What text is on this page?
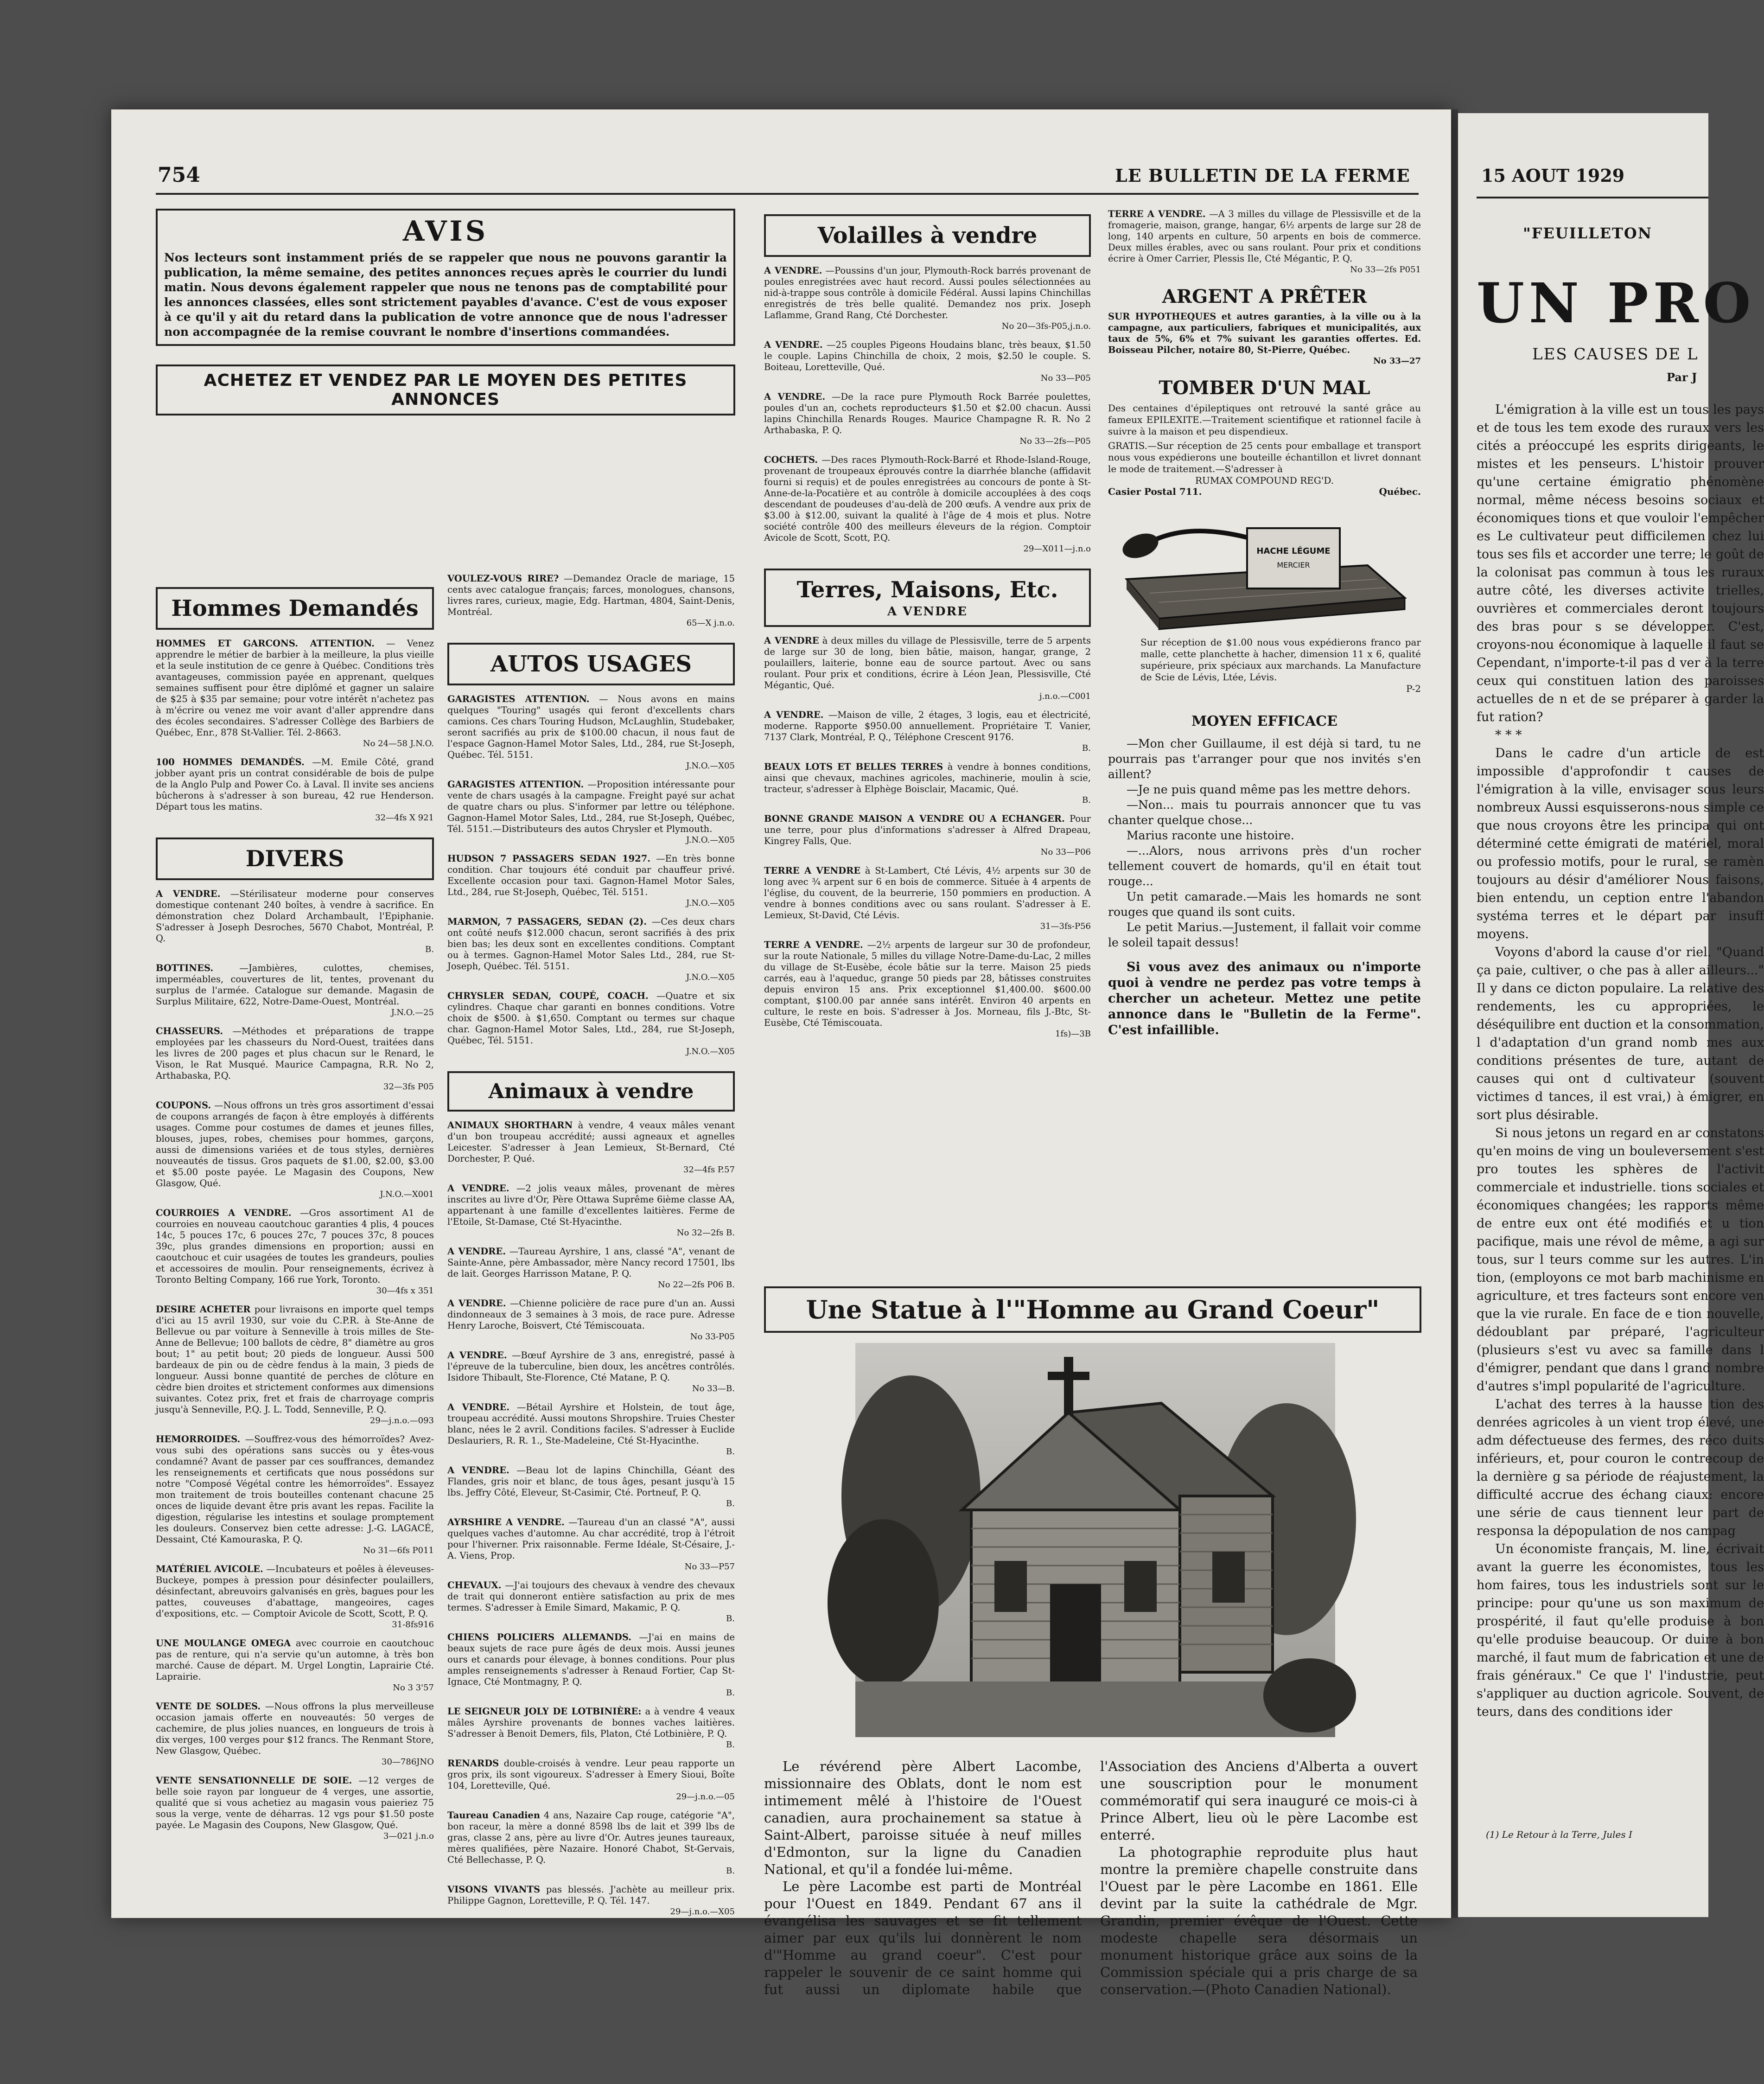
754	LE BULLETIN DE LA FERME
AVIS
Nos lecteurs sont instamment priés de se rappeler que nous ne pouvons garantir la publication, la même semaine, des petites annonces reçues après le courrier du lundi matin. Nous devons également rappeler que nous ne tenons pas de comptabilité pour les annonces classées, elles sont strictement payables d'avance. C'est de vous exposer à ce qu'il y ait du retard dans la publication de votre annonce que de nous l'adresser non accompagnée de la remise couvrant le nombre d'insertions commandées.
ACHETEZ ET VENDEZ PAR LE MOYEN DES PETITES ANNONCES
Hommes Demandés
HOMMES ET GARCONS. ATTENTION. — Venez apprendre le métier de barbier à la meilleure, la plus vieille et la seule institution de ce genre à Québec. Conditions très avantageuses, commission payée en apprenant, quelques semaines suffisent pour être diplômé et gagner un salaire de $25 à $35 par semaine; pour votre intérêt n'achetez pas à m'écrire ou venez me voir avant d'aller apprendre dans des écoles secondaires. S'adresser Collège des Barbiers de Québec, Enr., 878 St-Vallier. Tél. 2-8663.
No 24—58 J.N.O.
100 HOMMES DEMANDÉS. —M. Emile Côté, grand jobber ayant pris un contrat considérable de bois de pulpe de la Anglo Pulp and Power Co. à Laval. Il invite ses anciens bûcherons à s'adresser à son bureau, 42 rue Henderson. Départ tous les matins.
32—4fs X 921
DIVERS
A VENDRE. —Stérilisateur moderne pour conserves domestique contenant 240 boîtes, à vendre à sacrifice. En démonstration chez Dolard Archambault, l'Epiphanie. S'adresser à Joseph Desroches, 5670 Chabot, Montréal, P. Q.
B.
BOTTINES.	—Jambières, culottes, chemises, imperméables, couvertures de lit, tentes, provenant du surplus de l'armée. Catalogue sur demande. Magasin de Surplus Militaire, 622, Notre-Dame-Ouest, Montréal.
J.N.O.—25
CHASSEURS. —Méthodes et préparations de trappe employées par les chasseurs du Nord-Ouest, traitées dans les livres de 200 pages et plus chacun sur le Renard, le Vison, le Rat Musqué. Maurice Campagna, R.R. No 2, Arthabaska, P.Q.
32—3fs P05
COUPONS. —Nous offrons un très gros assortiment d'essai de coupons arrangés de façon à être employés à différents usages. Comme pour costumes de dames et jeunes filles, blouses, jupes, robes, chemises pour hommes, garçons, aussi de dimensions variées et de tous styles, dernières nouveautés de tissus. Gros paquets de $1.00, $2.00, $3.00 et $5.00 poste payée. Le Magasin des Coupons, New Glasgow, Qué.
J.N.O.—X001
COURROIES A VENDRE. —Gros assortiment A1 de courroies en nouveau caoutchouc garanties 4 plis, 4 pouces 14c, 5 pouces 17c, 6 pouces 27c, 7 pouces 37c, 8 pouces 39c, plus grandes dimensions en proportion; aussi en caoutchouc et cuir usagées de toutes les grandeurs, poulies et accessoires de moulin. Pour renseignements, écrivez à Toronto Belting Company, 166 rue York, Toronto.
30—4fs x 351
DESIRE ACHETER pour livraisons en importe quel temps d'ici au 15 avril 1930, sur voie du C.P.R. à Ste-Anne de Bellevue ou par voiture à Senneville à trois milles de Ste-Anne de Bellevue; 100 ballots de cèdre, 8" diamètre au gros bout; 1" au petit bout; 20 pieds de longueur. Aussi 500 bardeaux de pin ou de cèdre fendus à la main, 3 pieds de longueur. Aussi bonne quantité de perches de clôture en cèdre bien droites et strictement conformes aux dimensions suivantes. Cotez prix, fret et frais de charroyage compris jusqu'à Senneville, P.Q. J. L. Todd, Senneville, P. Q.
29—j.n.o.—093
HEMORROIDES. —Souffrez-vous des hémorroïdes? Avez-vous subi des opérations sans succès ou y êtes-vous condamné? Avant de passer par ces souffrances, demandez les renseignements et certificats que nous possédons sur notre "Composé Végétal contre les hémorroïdes". Essayez mon traitement de trois bouteilles contenant chacune 25 onces de liquide devant être pris avant les repas. Facilite la digestion, régularise les intestins et soulage promptement les douleurs. Conservez bien cette adresse: J.-G. LAGACÉ, Dessaint, Cté Kamouraska, P. Q.
No 31—6fs P011
MATÉRIEL AVICOLE. —Incubateurs et poêles à éleveuses-Buckeye, pompes à pression pour désinfecter poulaillers, désinfectant, abreuvoirs galvanisés en grès, bagues pour les pattes, couveuses d'abattage, mangeoires, cages d'expositions, etc. — Comptoir Avicole de Scott, Scott, P. Q.
31-8fs916
UNE MOULANGE OMEGA avec courroie en caoutchouc pas de renture, qui n'a servie qu'un automne, à très bon marché. Cause de départ. M. Urgel Longtin, Laprairie Cté. Laprairie.
No 3 3'57
VENTE DE SOLDES. —Nous offrons la plus merveilleuse occasion jamais offerte en nouveautés: 50 verges de cachemire, de plus jolies nuances, en longueurs de trois à dix verges, 100 verges pour $12 francs. The Renmant Store, New Glasgow, Québec.
30—786JNO
VENTE SENSATIONNELLE DE SOIE. —12 verges de belle soie rayon par longueur de 4 verges, une assortie, qualité que si vous achetiez au magasin vous paieriez 75 sous la verge, vente de déharras. 12 vgs pour $1.50 poste payée. Le Magasin des Coupons, New Glasgow, Qué.
3—021 j.n.o
VOULEZ-VOUS RIRE? —Demandez Oracle de mariage, 15 cents avec catalogue français; farces, monologues, chansons, livres rares, curieux, magie, Edg. Hartman, 4804, Saint-Denis, Montréal.
65—X j.n.o.
AUTOS USAGES
GARAGISTES ATTENTION. — Nous avons en mains quelques "Touring" usagés qui feront d'excellents chars camions. Ces chars Touring Hudson, McLaughlin, Studebaker, seront sacrifiés au prix de $100.00 chacun, il nous faut de l'espace Gagnon-Hamel Motor Sales, Ltd., 284, rue St-Joseph, Québec. Tél. 5151.
J.N.O.—X05
GARAGISTES ATTENTION. —Proposition intéressante pour vente de chars usagés à la campagne. Freight payé sur achat de quatre chars ou plus. S'informer par lettre ou téléphone. Gagnon-Hamel Motor Sales, Ltd., 284, rue St-Joseph, Québec, Tél. 5151.—Distributeurs des autos Chrysler et Plymouth.
J.N.O.—X05
HUDSON 7 PASSAGERS SEDAN 1927. —En très bonne condition. Char toujours été conduit par chauffeur privé. Excellente occasion pour taxi. Gagnon-Hamel Motor Sales, Ltd., 284, rue St-Joseph, Québec, Tél. 5151.
J.N.O.—X05
MARMON, 7 PASSAGERS, SEDAN (2). —Ces deux chars ont coûté neufs $12.000 chacun, seront sacrifiés à des prix bien bas; les deux sont en excellentes conditions. Comptant ou à termes. Gagnon-Hamel Motor Sales Ltd., 284, rue St-Joseph, Québec. Tél. 5151.
J.N.O.—X05
CHRYSLER SEDAN, COUPÉ, COACH. —Quatre et six cylindres. Chaque char garanti en bonnes conditions. Votre choix de $500. à $1,650. Comptant ou termes sur chaque char. Gagnon-Hamel Motor Sales, Ltd., 284, rue St-Joseph, Québec, Tél. 5151.
J.N.O.—X05
Animaux à vendre
ANIMAUX SHORTHARN à vendre, 4 veaux mâles venant d'un bon troupeau accrédité; aussi agneaux et agnelles Leicester. S'adresser à Jean Lemieux, St-Bernard, Cté Dorchester, P. Qué.
32—4fs P.57
A VENDRE. —2 jolis veaux mâles, provenant de mères inscrites au livre d'Or, Père Ottawa Suprême 6ième classe AA, appartenant à une famille d'excellentes laitières. Ferme de l'Etoile, St-Damase, Cté St-Hyacinthe.
No 32—2fs B.
A VENDRE. —Taureau Ayrshire, 1 ans, classé "A", venant de Sainte-Anne, père Ambassador, mère Nancy record 17501, lbs de lait. Georges Harrisson Matane, P. Q.
No 22—2fs P06 B.
A VENDRE. —Chienne policière de race pure d'un an. Aussi dindonneaux de 3 semaines à 3 mois, de race pure. Adresse Henry Laroche, Boisvert, Cté Témiscouata.
No 33-P05
A VENDRE. —Bœuf Ayrshire de 3 ans, enregistré, passé à l'épreuve de la tuberculine, bien doux, les ancêtres contrôlés. Isidore Thibault, Ste-Florence, Cté Matane, P. Q.
No 33—B.
A VENDRE. —Bétail Ayrshire et Holstein, de tout âge, troupeau accrédité. Aussi moutons Shropshire. Truies Chester blanc, nées le 2 avril. Conditions faciles. S'adresser à Euclide Deslauriers, R. R. 1., Ste-Madeleine, Cté St-Hyacinthe.
B.
A VENDRE. —Beau lot de lapins Chinchilla, Géant des Flandes, gris noir et blanc, de tous âges, pesant jusqu'à 15 lbs. Jeffry Côté, Eleveur, St-Casimir, Cté. Portneuf, P. Q.
B.
AYRSHIRE A VENDRE. —Taureau d'un an classé "A", aussi quelques vaches d'automne. Au char accrédité, trop à l'étroit pour l'hiverner. Prix raisonnable. Ferme Idéale, St-Césaire, J.-A. Viens, Prop.
No 33—P57
CHEVAUX. —J'ai toujours des chevaux à vendre des chevaux de trait qui donneront entière satisfaction au prix de mes termes. S'adresser à Emile Simard, Makamic, P. Q.
B.
CHIENS POLICIERS ALLEMANDS. —J'ai en mains de beaux sujets de race pure âgés de deux mois. Aussi jeunes ours et canards pour élevage, à bonnes conditions. Pour plus amples renseignements s'adresser à Renaud Fortier, Cap St-Ignace, Cté Montmagny, P. Q.
B.
LE SEIGNEUR JOLY DE LOTBINIÈRE: a à vendre 4 veaux mâles Ayrshire provenants de bonnes vaches laitières. S'adresser à Benoit Demers, fils, Platon, Cté Lotbinière, P. Q.
B.
RENARDS double-croisés à vendre. Leur peau rapporte un gros prix, ils sont vigoureux. S'adresser à Emery Sioui, Boîte 104, Loretteville, Qué.
29—j.n.o.—05
Taureau Canadien 4 ans, Nazaire Cap rouge, catégorie "A", bon raceur, la mère a donné 8598 lbs de lait et 399 lbs de gras, classe 2 ans, père au livre d'Or. Autres jeunes taureaux, mères qualifiées, père Nazaire. Honoré Chabot, St-Gervais, Cté Bellechasse, P. Q.
B.
VISONS VIVANTS pas blessés. J'achète au meilleur prix. Philippe Gagnon, Loretteville, P. Q. Tél. 147.
29—j.n.o.—X05
Volailles à vendre
A VENDRE. —Poussins d'un jour, Plymouth-Rock barrés provenant de poules enregistrées avec haut record. Aussi poules sélectionnées au nid-à-trappe sous contrôle à domicile Fédéral. Aussi lapins Chinchillas enregistrés de très belle qualité. Demandez nos prix. Joseph Laflamme, Grand Rang, Cté Dorchester.
No 20—3fs-P05,j.n.o.
A VENDRE. —25 couples Pigeons Houdains blanc, très beaux, $1.50 le couple. Lapins Chinchilla de choix, 2 mois, $2.50 le couple. S. Boiteau, Loretteville, Qué.
No 33—P05
A VENDRE. —De la race pure Plymouth Rock Barrée poulettes, poules d'un an, cochets reproducteurs $1.50 et $2.00 chacun. Aussi lapins Chinchilla Renards Rouges. Maurice Champagne R. R. No 2 Arthabaska, P. Q.
No 33—2fs—P05
COCHETS. —Des races Plymouth-Rock-Barré et Rhode-Island-Rouge, provenant de troupeaux éprouvés contre la diarrhée blanche (affidavit fourni si requis) et de poules enregistrées au concours de ponte à St-Anne-de-la-Pocatière et au contrôle à domicile accouplées à des coqs descendant de poudeuses d'au-delà de 200 œufs. A vendre aux prix de $3.00 à $12.00, suivant la qualité à l'âge de 4 mois et plus. Notre société contrôle 400 des meilleurs éleveurs de la région. Comptoir Avicole de Scott, Scott, P.Q.
29—X011—j.n.o
Terres, Maisons, Etc.
A VENDRE
A VENDRE à deux milles du village de Plessisville, terre de 5 arpents de large sur 30 de long, bien bâtie, maison, hangar, grange, 2 poulaillers, laiterie, bonne eau de source partout. Avec ou sans roulant. Pour prix et conditions, écrire à Léon Jean, Plessisville, Cté Mégantic, Qué.
j.n.o.—C001
A VENDRE. —Maison de ville, 2 étages, 3 logis, eau et électricité, moderne. Rapporte $950.00 annuellement. Propriétaire T. Vanier, 7137 Clark, Montréal, P. Q., Téléphone Crescent 9176.
B.
BEAUX LOTS ET BELLES TERRES à vendre à bonnes conditions, ainsi que chevaux, machines agricoles, machinerie, moulin à scie, tracteur, s'adresser à Elphège Boisclair, Macamic, Qué.
B.
BONNE GRANDE MAISON A VENDRE OU A ECHANGER. Pour une terre, pour plus d'informations s'adresser à Alfred Drapeau, Kingrey Falls, Que.
No 33—P06
TERRE A VENDRE à St-Lambert, Cté Lévis, 4½ arpents sur 30 de long avec ¾ arpent sur 6 en bois de commerce. Située à 4 arpents de l'église, du couvent, de la beurrerie, 150 pommiers en production. A vendre à bonnes conditions avec ou sans roulant. S'adresser à E. Lemieux, St-David, Cté Lévis.
31—3fs-P56
TERRE A VENDRE. —2½ arpents de largeur sur 30 de profondeur, sur la route Nationale, 5 milles du village Notre-Dame-du-Lac, 2 milles du village de St-Eusèbe, école bâtie sur la terre. Maison 25 pieds carrés, eau à l'aqueduc, grange 50 pieds par 28, bâtisses construites depuis environ 15 ans. Prix exceptionnel $1,400.00. $600.00 comptant, $100.00 par année sans intérêt. Environ 40 arpents en culture, le reste en bois. S'adresser à Jos. Morneau, fils J.-Btc, St-Eusèbe, Cté Témiscouata.
1fs)—3B
TERRE A VENDRE. —A 3 milles du village de Plessisville et de la fromagerie, maison, grange, hangar, 6½ arpents de large sur 28 de long, 140 arpents en culture, 50 arpents en bois de commerce. Deux milles érables, avec ou sans roulant. Pour prix et conditions écrire à Omer Carrier, Plessis Ile, Cté Mégantic, P. Q.
No 33—2fs P051
ARGENT A PRÊTER
SUR HYPOTHEQUES et autres garanties, à la ville ou à la campagne, aux particuliers, fabriques et municipalités, aux taux de 5%, 6% et 7% suivant les garanties offertes. Ed. Boisseau Pilcher, notaire 80, St-Pierre, Québec.
No 33—27
TOMBER D'UN MAL
Des centaines d'épileptiques ont retrouvé la santé grâce au fameux EPILEXITE.—Traitement scientifique et rationnel facile à suivre à la maison et peu dispendieux.
GRATIS.—Sur réception de 25 cents pour emballage et transport nous vous expédierons une bouteille échantillon et livret donnant le mode de traitement.—S'adresser à
RUMAX COMPOUND REG'D.
Casier Postal 711.	Québec.
HACHE LÉGUME
MERCIER
Sur réception de $1.00 nous vous expédierons franco par malle, cette planchette à hacher, dimension 11 x 6, qualité supérieure, prix spéciaux aux marchands. La Manufacture de Scie de Lévis, Ltée, Lévis.
P-2
MOYEN EFFICACE

—Mon cher Guillaume, il est déjà si tard, tu ne pourrais pas t'arranger pour que nos invités s'en aillent?

—Je ne puis quand même pas les mettre dehors.

—Non... mais tu pourrais annoncer que tu vas chanter quelque chose...

Marius raconte une histoire.

—...Alors, nous arrivons près d'un rocher tellement couvert de homards, qu'il en était tout rouge...

Un petit camarade.—Mais les homards ne sont rouges que quand ils sont cuits.

Le petit Marius.—Justement, il fallait voir comme le soleil tapait dessus!

Si vous avez des animaux ou n'importe quoi à vendre ne perdez pas votre temps à chercher un acheteur. Mettez une petite annonce dans le "Bulletin de la Ferme". C'est infaillible.
Une Statue à l'"Homme au Grand Coeur"

Le révérend père Albert Lacombe, missionnaire des Oblats, dont le nom est intimement mêlé à l'histoire de l'Ouest canadien, aura prochainement sa statue à Saint-Albert, paroisse située à neuf milles d'Edmonton, sur la ligne du Canadien National, et qu'il a fondée lui-même.

Le père Lacombe est parti de Montréal pour l'Ouest en 1849. Pendant 67 ans il évangélisa les sauvages et se fit tellement aimer par eux qu'ils lui donnèrent le nom d'"Homme au grand coeur". C'est pour rappeler le souvenir de ce saint homme qui fut aussi un diplomate habile que l'Association des Anciens d'Alberta a ouvert une souscription pour le monument commémoratif qui sera inauguré ce mois-ci à Prince Albert, lieu où le père Lacombe est enterré.

La photographie reproduite plus haut montre la première chapelle construite dans l'Ouest par le père Lacombe en 1861. Elle devint par la suite la cathédrale de Mgr. Grandin, premier évêque de l'Ouest. Cette modeste chapelle sera désormais un monument historique grâce aux soins de la Commission spéciale qui a pris charge de sa conservation.—(Photo Canadien National).

15 AOUT 1929
"FEUILLETON
UN PRO
LES CAUSES DE L
Par J

L'émigration à la ville est un tous les pays et de tous les tem exode des ruraux vers les cités a préoccupé les esprits dirigeants, le mistes et les penseurs. L'histoir prouver qu'une certaine émigratio phénomène normal, même nécess besoins sociaux et économiques tions et que vouloir l'empêcher es Le cultivateur peut difficilemen chez lui tous ses fils et accorder une terre; le goût de la colonisat pas commun à tous les ruraux autre côté, les diverses activite trielles, ouvrières et commerciales deront toujours des bras pour s se développer. C'est, croyons-nou économique à laquelle il faut se Cependant, n'importe-t-il pas d ver à la terre ceux qui constituen lation des paroisses actuelles de n et de se préparer à garder la fut ration?

* * *

Dans le cadre d'un article de est impossible d'approfondir t causes de l'émigration à la ville, envisager sous leurs nombreux Aussi esquisserons-nous simple ce que nous croyons être les principa qui ont déterminé cette émigrati de matériel, moral ou professio motifs, pour le rural, se ramèn toujours au désir d'améliorer Nous faisons, bien entendu, un ception entre l'abandon systéma terres et le départ par insuff moyens.

Voyons d'abord la cause d'or riel. "Quand ça paie, cultiver, o che pas à aller ailleurs..." Il y dans ce dicton populaire. La relative des rendements, les cu appropriées, le déséquilibre ent duction et la consommation, l d'adaptation d'un grand nomb mes aux conditions présentes de ture, autant de causes qui ont d cultivateur (souvent victimes d tances, il est vrai,) à émigrer, en sort plus désirable.

Si nous jetons un regard en ar constatons qu'en moins de ving un bouleversement s'est pro toutes les sphères de l'activit commerciale et industrielle. tions sociales et économiques changées; les rapports même de entre eux ont été modifiés et u tion pacifique, mais une révol de même, a agi sur tous, sur l teurs comme sur les autres. L'in tion, (employons ce mot barb machinisme en agriculture, et tres facteurs sont encore ven que la vie rurale. En face de e tion nouvelle, dédoublant par préparé, l'agriculteur (plusieurs s'est vu avec sa famille dans l d'émigrer, pendant que dans l grand nombre d'autres s'impl popularité de l'agriculture.

L'achat des terres à la hausse tion des denrées agricoles à un vient trop élevé, une adm défectueuse des fermes, des réco duits inférieurs, et, pour couron le contrecoup de la dernière g sa période de réajustement, la difficulté accrue des échang ciaux: encore une série de caus tiennent leur part de responsa la dépopulation de nos campag

Un économiste français, M. line, écrivait avant la guerre les économistes, tous les hom faires, tous les industriels sont sur le principe: pour qu'une us son maximum de prospérité, il faut qu'elle produise à bon qu'elle produise beaucoup. Or duire à bon marché, il faut mum de fabrication et une de frais généraux." Ce que l' l'industrie, peut s'appliquer au duction agricole. Souvent, de teurs, dans des conditions ider

(1) Le Retour à la Terre, Jules I
